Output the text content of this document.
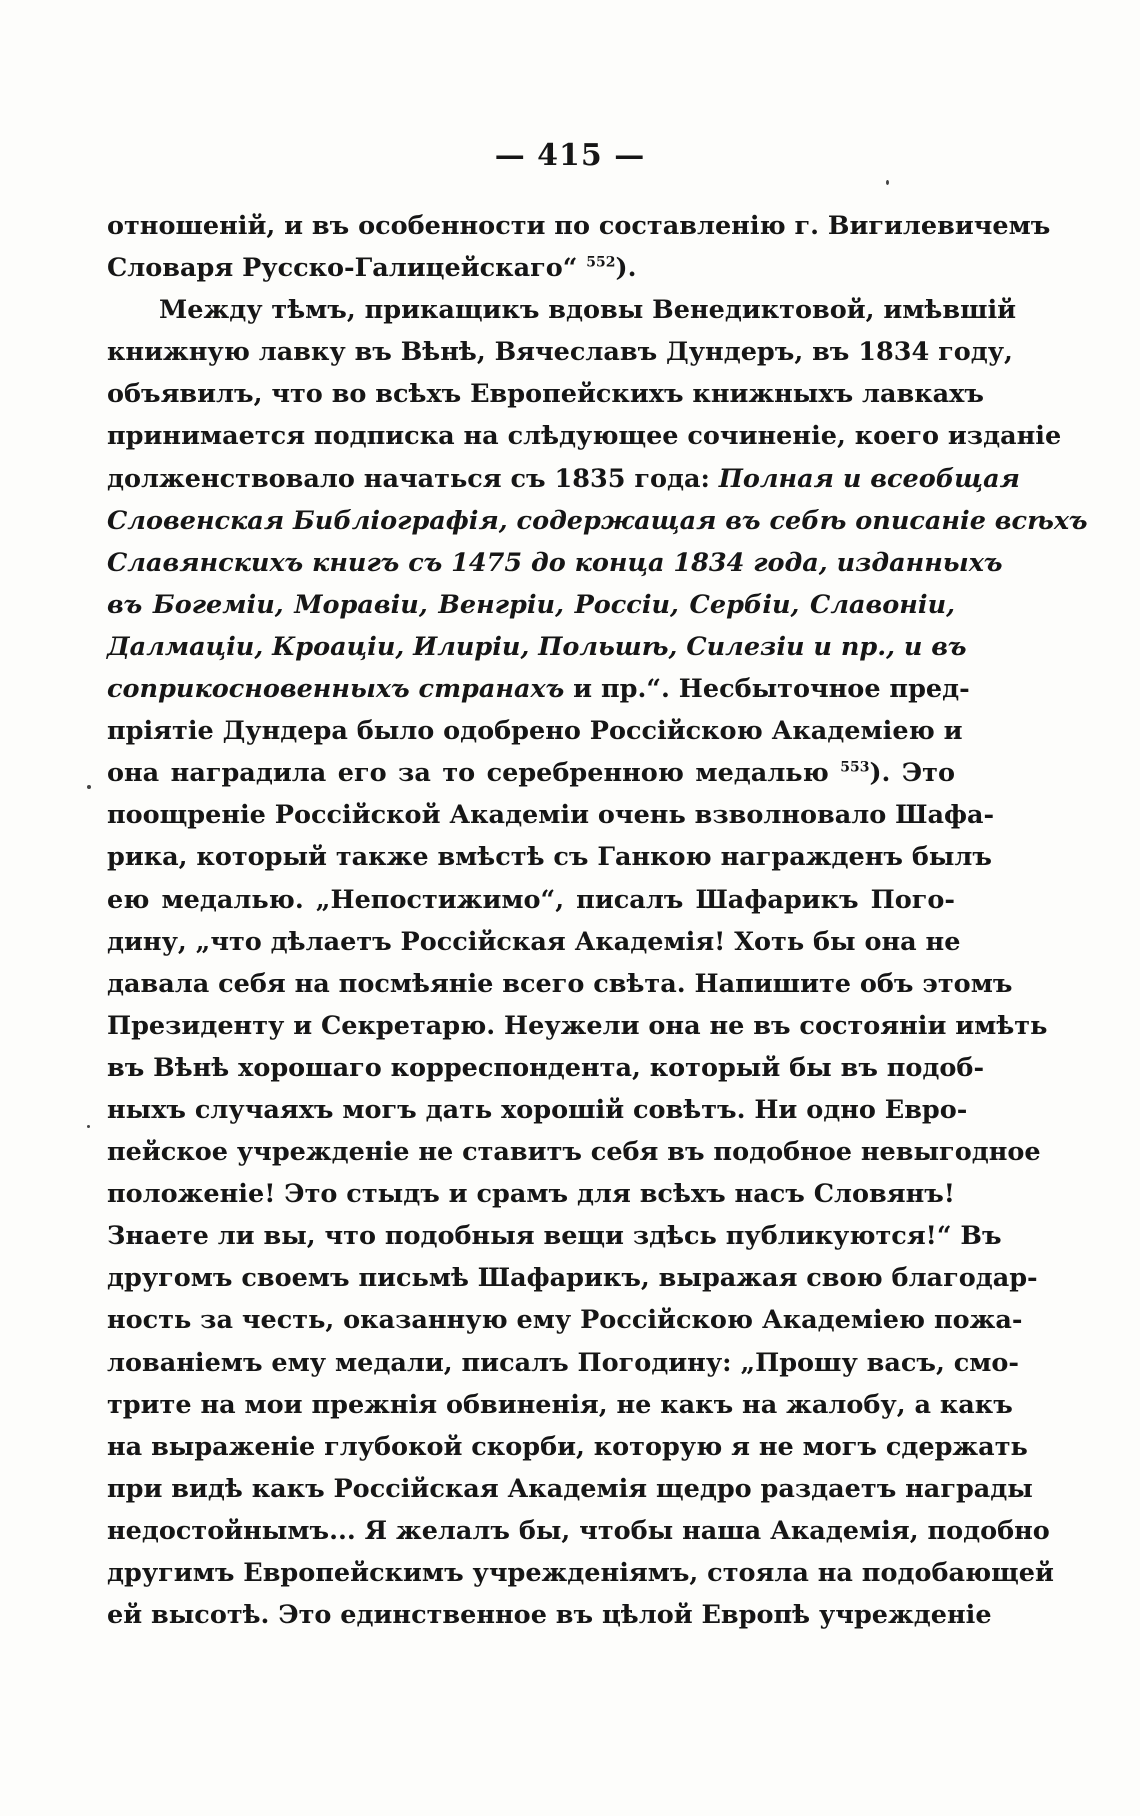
— 415 —
отношеній, и въ особенности по составленію г. Вигилевичемъ
Словаря Русско-Галицейскаго“ $^{552}$).
Между тѣмъ, прикащикъ вдовы Венедиктовой, имѣвшій
книжную лавку въ Вѣнѣ, Вячеславъ Дундеръ, въ 1834 году,
объявилъ, что во всѣхъ Европейскихъ книжныхъ лавкахъ
принимается подписка на слѣдующее сочиненіе, коего изданіе
долженствовало начаться съ 1835 года: Полная и всеобщая
Словенская Библіографія, содержащая въ себѣ описаніе всѣхъ
Славянскихъ книгъ съ 1475 до конца 1834 года, изданныхъ
въ Богеміи, Моравіи, Венгріи, Россіи, Сербіи, Славоніи,
Далмаціи, Кроаціи, Илиріи, Польшѣ, Силезіи и пр., и въ
соприкосновенныхъ странахъ и пр.“. Несбыточное пред-
пріятіе Дундера было одобрено Россійскою Академіею и
она наградила его за то серебренною медалью $^{553}$). Это
поощреніе Россійской Академіи очень взволновало Шафа-
рика, который также вмѣстѣ съ Ганкою награжденъ былъ
ею медалью. „Непостижимо“, писалъ Шафарикъ Пого-
дину, „что дѣлаетъ Россійская Академія! Хоть бы она не
давала себя на посмѣяніе всего свѣта. Напишите объ этомъ
Президенту и Секретарю. Неужели она не въ состояніи имѣть
въ Вѣнѣ хорошаго корреспондента, который бы въ подоб-
ныхъ случаяхъ могъ дать хорошій совѣтъ. Ни одно Евро-
пейское учрежденіе не ставитъ себя въ подобное невыгодное
положеніе! Это стыдъ и срамъ для всѣхъ насъ Словянъ!
Знаете ли вы, что подобныя вещи здѣсь публикуются!“ Въ
другомъ своемъ письмѣ Шафарикъ, выражая свою благодар-
ность за честь, оказанную ему Россійскою Академіею пожа-
лованіемъ ему медали, писалъ Погодину: „Прошу васъ, смо-
трите на мои прежнія обвиненія, не какъ на жалобу, а какъ
на выраженіе глубокой скорби, которую я не могъ сдержать
при видѣ какъ Россійская Академія щедро раздаетъ награды
недостойнымъ... Я желалъ бы, чтобы наша Академія, подобно
другимъ Европейскимъ учрежденіямъ, стояла на подобающей
ей высотѣ. Это единственное въ цѣлой Европѣ учрежденіе
